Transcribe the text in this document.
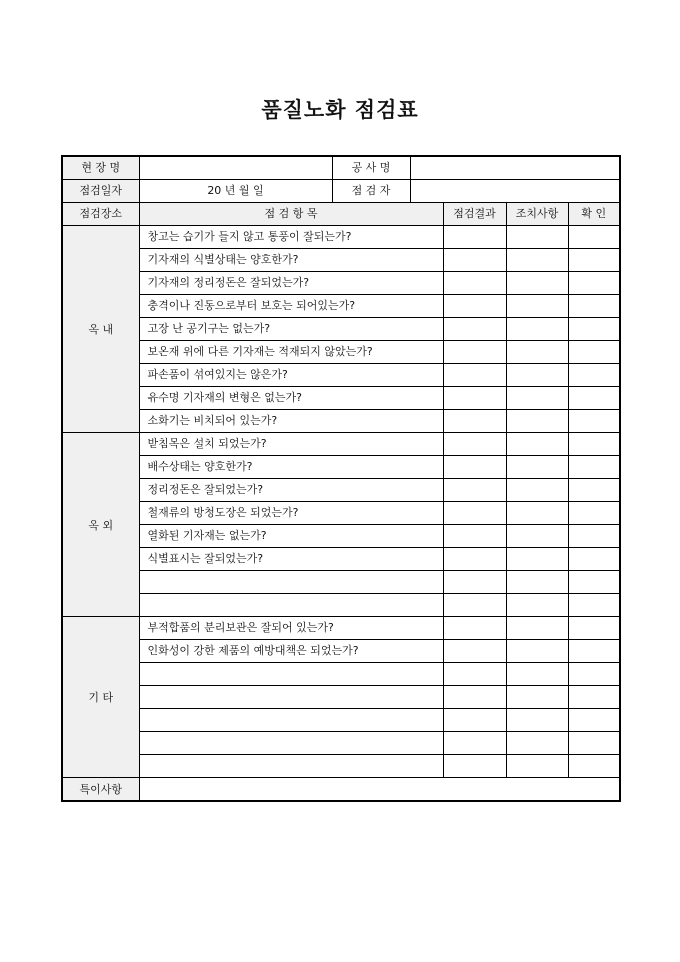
품질노화 점검표
현 장 명		공 사 명				
점검일자	20 년 월 일	점 검 자				
점검장소	점 검 항 목			점검결과	조치사항	확 인
옥 내	창고는 습기가 들지 않고 통풍이 잘되는가?					
	기자재의 식별상태는 양호한가?					
	기자재의 정리정돈은 잘되었는가?					
	충격이나 진동으로부터 보호는 되어있는가?					
	고장 난 공기구는 없는가?					
	보온재 위에 다른 기자재는 적재되지 않았는가?					
	파손품이 섞여있지는 않은가?					
	유수명 기자재의 변형은 없는가?					
	소화기는 비치되어 있는가?					
옥 외	받침목은 설치 되었는가?					
	배수상태는 양호한가?					
	정리정돈은 잘되었는가?					
	철재류의 방청도장은 되었는가?					
	열화된 기자재는 없는가?					
	식별표시는 잘되었는가?					

기 타	부적합품의 분리보관은 잘되어 있는가?					
	인화성이 강한 제품의 예방대책은 되었는가?					

특이사항						
